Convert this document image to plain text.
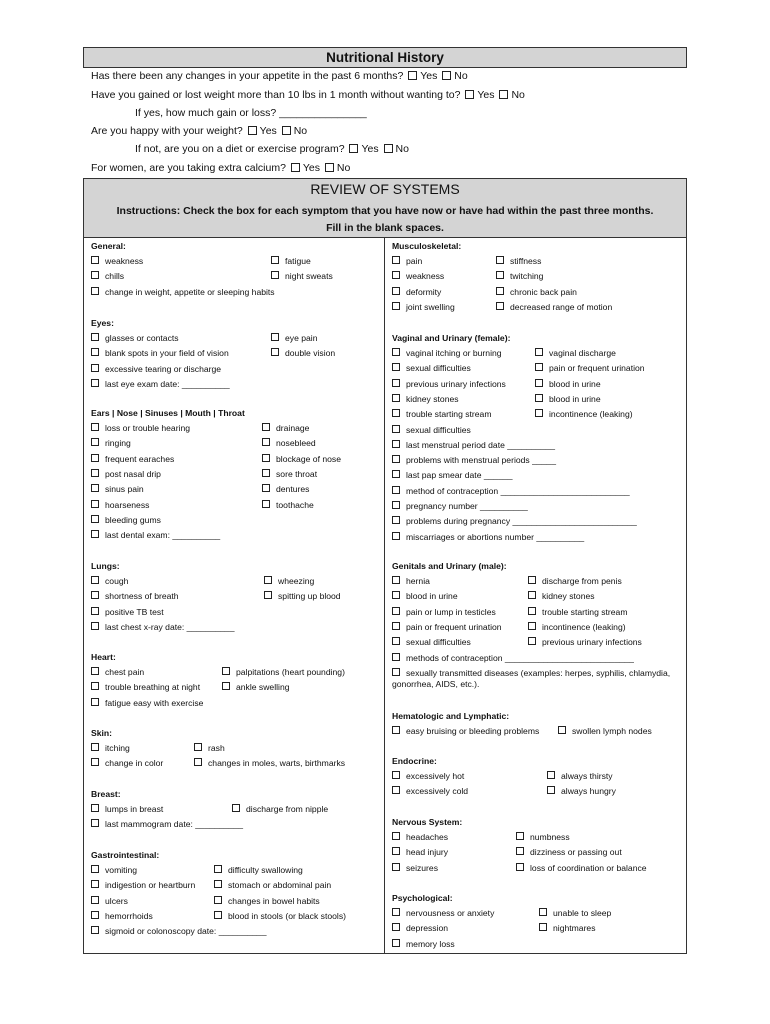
Nutritional History
Has there been any changes in your appetite in the past 6 months? Yes No
Have you gained or lost weight more than 10 lbs in 1 month without wanting to? Yes No
If yes, how much gain or loss? _______________
Are you happy with your weight? Yes No
If not, are you on a diet or exercise program? Yes No
For women, are you taking extra calcium? Yes No
REVIEW OF SYSTEMS
Instructions: Check the box for each symptom that you have now or have had within the past three months.
Fill in the blank spaces.
General:
weakness	fatigue
chills	night sweats
change in weight, appetite or sleeping habits
Eyes:
glasses or contacts	eye pain
blank spots in your field of vision	double vision
excessive tearing or discharge
last eye exam date: __________
Ears | Nose | Sinuses | Mouth | Throat
loss or trouble hearing	drainage
ringing	nosebleed
frequent earaches	blockage of nose
post nasal drip	sore throat
sinus pain	dentures
hoarseness	toothache
bleeding gums
last dental exam: __________
Lungs:
cough	wheezing
shortness of breath	spitting up blood
positive TB test
last chest x-ray date: __________
Heart:
chest pain	palpitations (heart pounding)
trouble breathing at night	ankle swelling
fatigue easy with exercise
Skin:
itching	rash
change in color	changes in moles, warts, birthmarks
Breast:
lumps in breast	discharge from nipple
last mammogram date: __________
Gastrointestinal:
vomiting	difficulty swallowing
indigestion or heartburn	stomach or abdominal pain
ulcers	changes in bowel habits
hemorrhoids	blood in stools (or black stools)
sigmoid or colonoscopy date: __________
Musculoskeletal:
pain	stiffness
weakness	twitching
deformity	chronic back pain
joint swelling	decreased range of motion
Vaginal and Urinary (female):
vaginal itching or burning	vaginal discharge
sexual difficulties	pain or frequent urination
previous urinary infections	blood in urine
kidney stones	blood in urine
trouble starting stream	incontinence (leaking)
sexual difficulties
last menstrual period date __________
problems with menstrual periods _____
last pap smear date ______
method of contraception ___________________________
pregnancy number __________
problems during pregnancy __________________________
miscarriages or abortions number __________
Genitals and Urinary (male):
hernia	discharge from penis
blood in urine	kidney stones
pain or lump in testicles	trouble starting stream
pain or frequent urination	incontinence (leaking)
sexual difficulties	previous urinary infections
methods of contraception ___________________________
sexually transmitted diseases (examples: herpes, syphilis, chlamydia, gonorrhea, AIDS, etc.).
Hematologic and Lymphatic:
easy bruising or bleeding problems	swollen lymph nodes
Endocrine:
excessively hot	always thirsty
excessively cold	always hungry
Nervous System:
headaches	numbness
head injury	dizziness or passing out
seizures	loss of coordination or balance
Psychological:
nervousness or anxiety	unable to sleep
depression	nightmares
memory loss
